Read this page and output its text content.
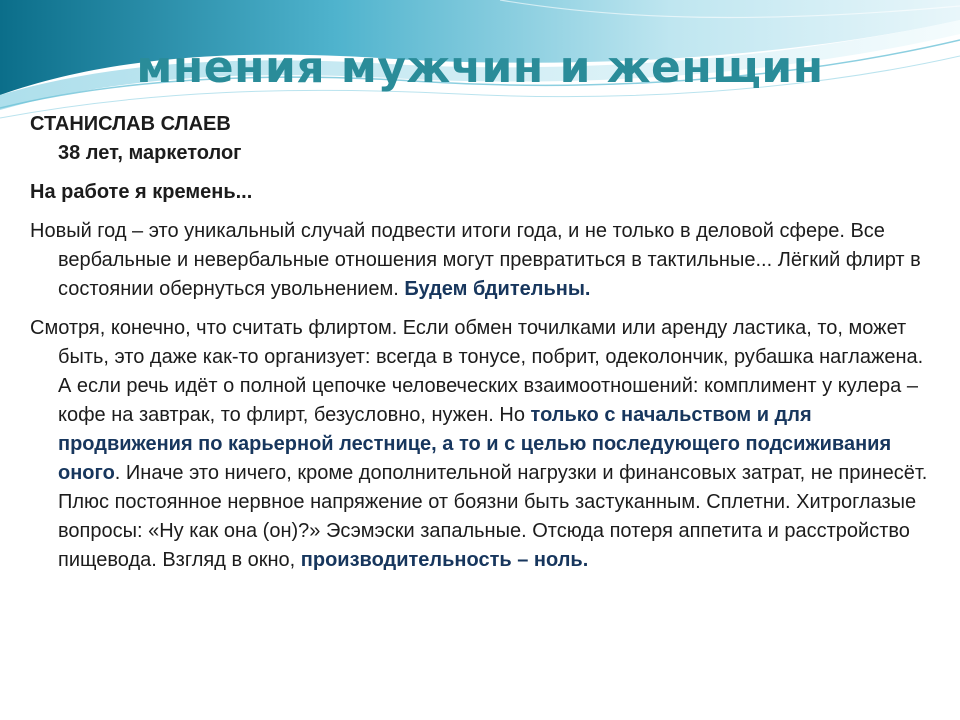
мнения мужчин и женщин
СТАНИСЛАВ СЛАЕВ
38 лет, маркетолог
На работе я кремень...
Новый год – это уникальный случай подвести итоги года, и не только в деловой сфере. Все вербальные и невербальные отношения могут превратиться в тактильные... Лёгкий флирт в состоянии обернуться увольнением. Будем бдительны.
Смотря, конечно, что считать флиртом. Если обмен точилками или аренду ластика, то, может быть, это даже как-то организует: всегда в тонусе, побрит, одеколончик, рубашка наглажена.
А если речь идёт о полной цепочке человеческих взаимоотношений: комплимент у кулера – кофе на завтрак, то флирт, безусловно, нужен. Но только с начальством и для продвижения по карьерной лестнице, а то и с целью последующего подсиживания оного. Иначе это ничего, кроме дополнительной нагрузки и финансовых затрат, не принесёт. Плюс постоянное нервное напряжение от боязни быть застуканным. Сплетни. Хитроглазые вопросы: «Ну как она (он)?» Эсэмэски запальные. Отсюда потеря аппетита и расстройство пищевода. Взгляд в окно, производительность – ноль.
